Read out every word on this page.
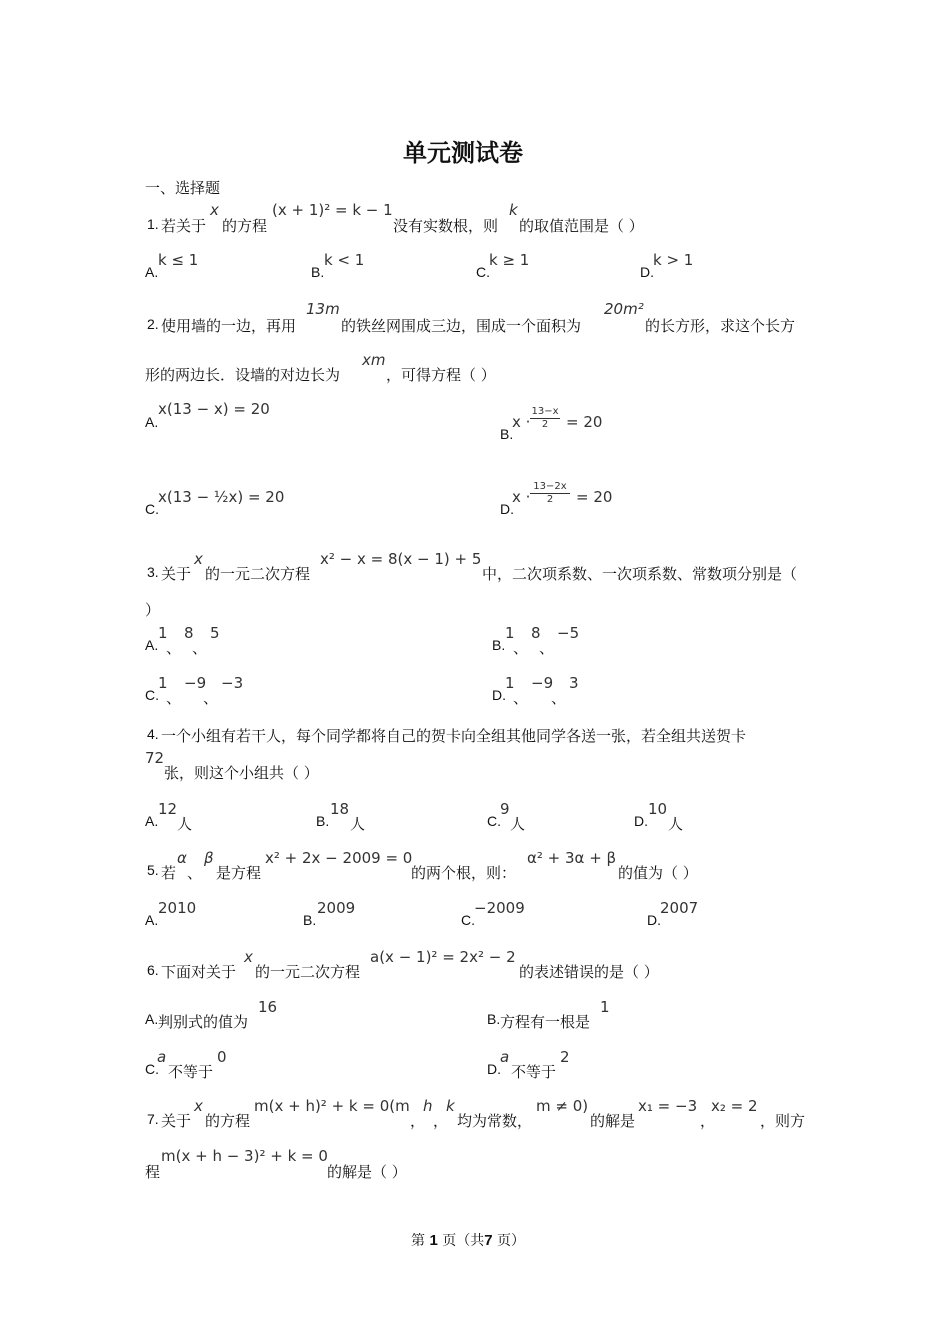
单元测试卷
一、选择题
1. 若关于
x
的方程
(x + 1)² = k − 1
没有实数根，则
k
的取值范围是（ ）
A.
k ≤ 1
B.
k < 1
C.
k ≥ 1
D.
k > 1
2. 使用墙的一边，再用
13m
的铁丝网围成三边，围成一个面积为
20m²
的长方形，求这个长方
形的两边长．设墙的对边长为
xm
，可得方程（ ）
A.
x(13 − x) = 20
B.
$x \cdot \frac{13-x}{2} = 20$
C.
x(13 − ½x) = 20
D.
$x \cdot \frac{13-2x}{2} = 20$
3. 关于
x
的一元二次方程
x² − x = 8(x − 1) + 5
中，二次项系数、一次项系数、常数项分别是（
）
A.
1
、
8
、
5
B.
1
、
8
、
−5
C.
1
、
−9
、
−3
D.
1
、
−9
、
3
4. 一个小组有若干人，每个同学都将自己的贺卡向全组其他同学各送一张，若全组共送贺卡
72
张，则这个小组共（ ）
A.
12
人	B.
18
人	C.
9
人	D.
10
人
5. 若
α
、
β
是方程
x² + 2x − 2009 = 0
的两个根，则：
α² + 3α + β
的值为（ ）
A.
2010
B.
2009
C.
−2009
D.
2007
6. 下面对关于
x
的一元二次方程
a(x − 1)² = 2x² − 2
的表述错误的是（ ）
A. 判别式的值为
16
B. 方程有一根是
1
C.
a
不等于
0
D.
a
不等于
2
7. 关于
x
的方程
m(x + h)² + k = 0(m
，
h
，
k
均为常数，
m ≠ 0)
的解是
x₁ = −3
，
x₂ = 2
，则方
程
m(x + h − 3)² + k = 0
的解是（ ）
第 1 页（共7 页）
